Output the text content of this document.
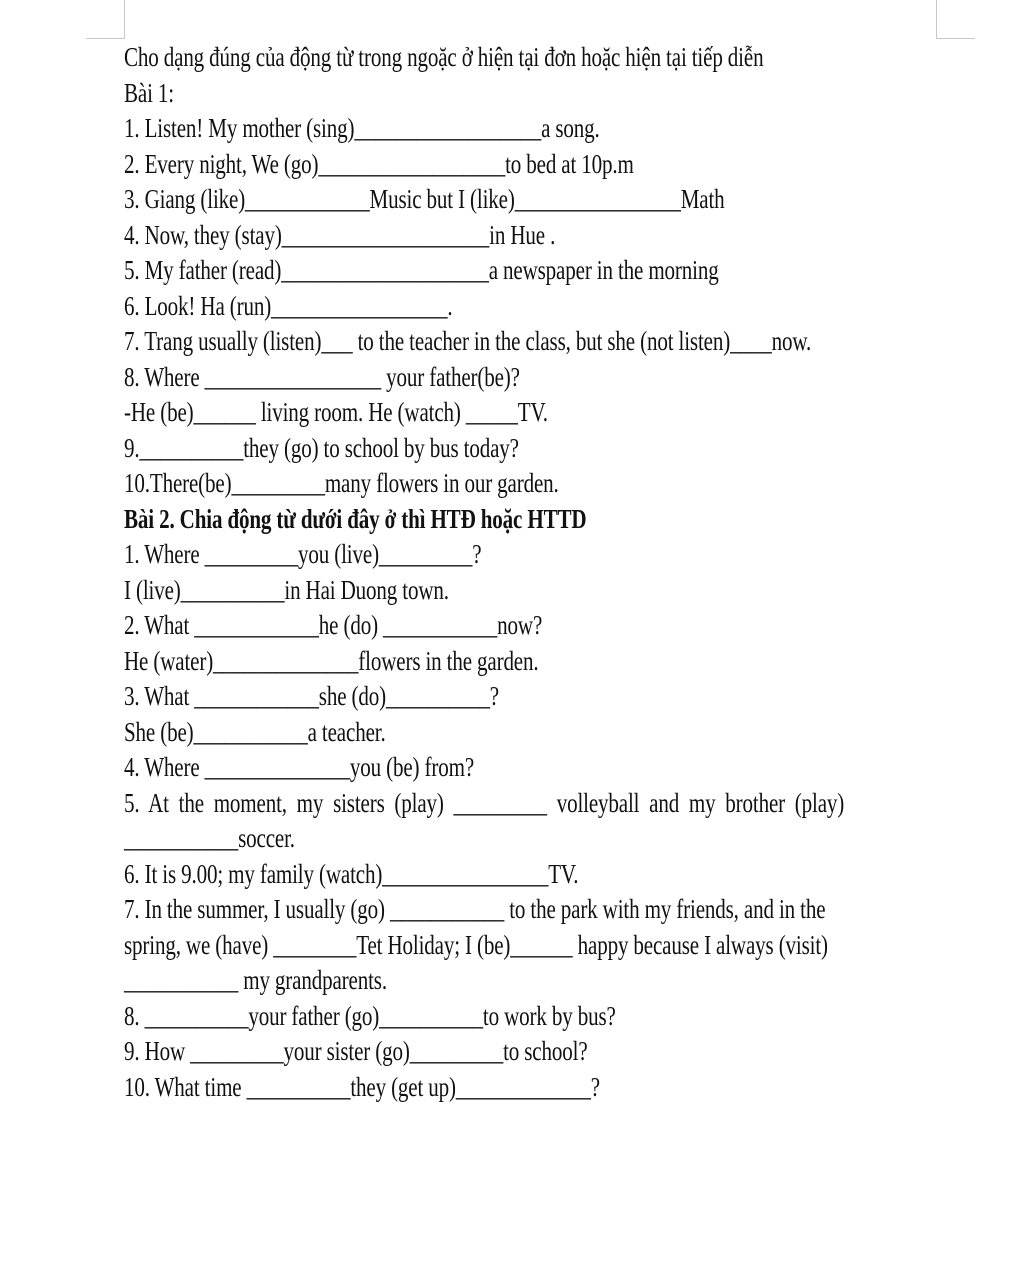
Cho dạng đúng của động từ trong ngoặc ở hiện tại đơn hoặc hiện tại tiếp diễn
Bài 1:
1. Listen! My mother (sing)__________________a song.
2. Every night, We (go)__________________to bed at 10p.m
3. Giang (like)____________Music but I (like)________________Math
4. Now, they (stay)____________________in Hue .
5. My father (read)____________________a newspaper in the morning
6. Look! Ha (run)_________________.
7. Trang usually (listen)___ to the teacher in the class, but she (not listen)____now.
8. Where _________________ your father(be)?
-He (be)______ living room. He (watch) _____TV.
9.__________they (go) to school by bus today?
10.There(be)_________many flowers in our garden.
Bài 2. Chia động từ dưới đây ở thì HTĐ hoặc HTTD
1. Where _________you (live)_________?
I (live)__________in Hai Duong town.
2. What ____________he (do) ___________now?
He (water)______________flowers in the garden.
3. What ____________she (do)__________?
She (be)___________a teacher.
4. Where ______________you (be) from?
5. At the moment, my sisters (play) _________ volleyball and my brother (play)
___________soccer.
6. It is 9.00; my family (watch)________________TV.
7. In the summer, I usually (go) ___________ to the park with my friends, and in the
spring, we (have) ________Tet Holiday; I (be)______ happy because I always (visit)
___________ my grandparents.
8. __________your father (go)__________to work by bus?
9. How _________your sister (go)_________to school?
10. What time __________they (get up)_____________?
